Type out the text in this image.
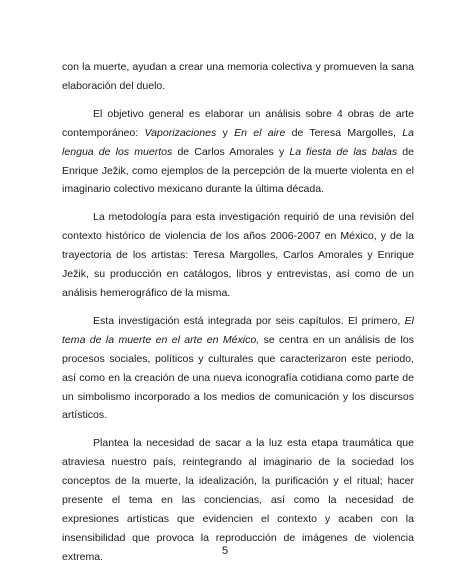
con la muerte, ayudan a crear una memoria colectiva y promueven la sana elaboración del duelo.

El objetivo general es elaborar un análisis sobre 4 obras de arte contemporáneo: Vaporizaciones y En el aire de Teresa Margolles, La lengua de los muertos de Carlos Amorales y La fiesta de las balas de Enrique Ježik, como ejemplos de la percepción de la muerte violenta en el imaginario colectivo mexicano durante la última década.

La metodología para esta investigación requirió de una revisión del contexto histórico de violencia de los años 2006-2007 en México, y de la trayectoria de los artistas: Teresa Margolles, Carlos Amorales y Enrique Ježik, su producción en catálogos, libros y entrevistas, así como de un análisis hemerográfico de la misma.

Esta investigación está integrada por seis capítulos. El primero, El tema de la muerte en el arte en México, se centra en un análisis de los procesos sociales, políticos y culturales que caracterizaron este periodo, así como en la creación de una nueva iconografía cotidiana como parte de un simbolismo incorporado a los medios de comunicación y los discursos artísticos.

Plantea la necesidad de sacar a la luz esta etapa traumática que atraviesa nuestro país, reintegrando al imaginario de la sociedad los conceptos de la muerte, la idealización, la purificación y el ritual; hacer presente el tema en las conciencias, así como la necesidad de expresiones artísticas que evidencien el contexto y acaben con la insensibilidad que provoca la reproducción de imágenes de violencia extrema.	5
